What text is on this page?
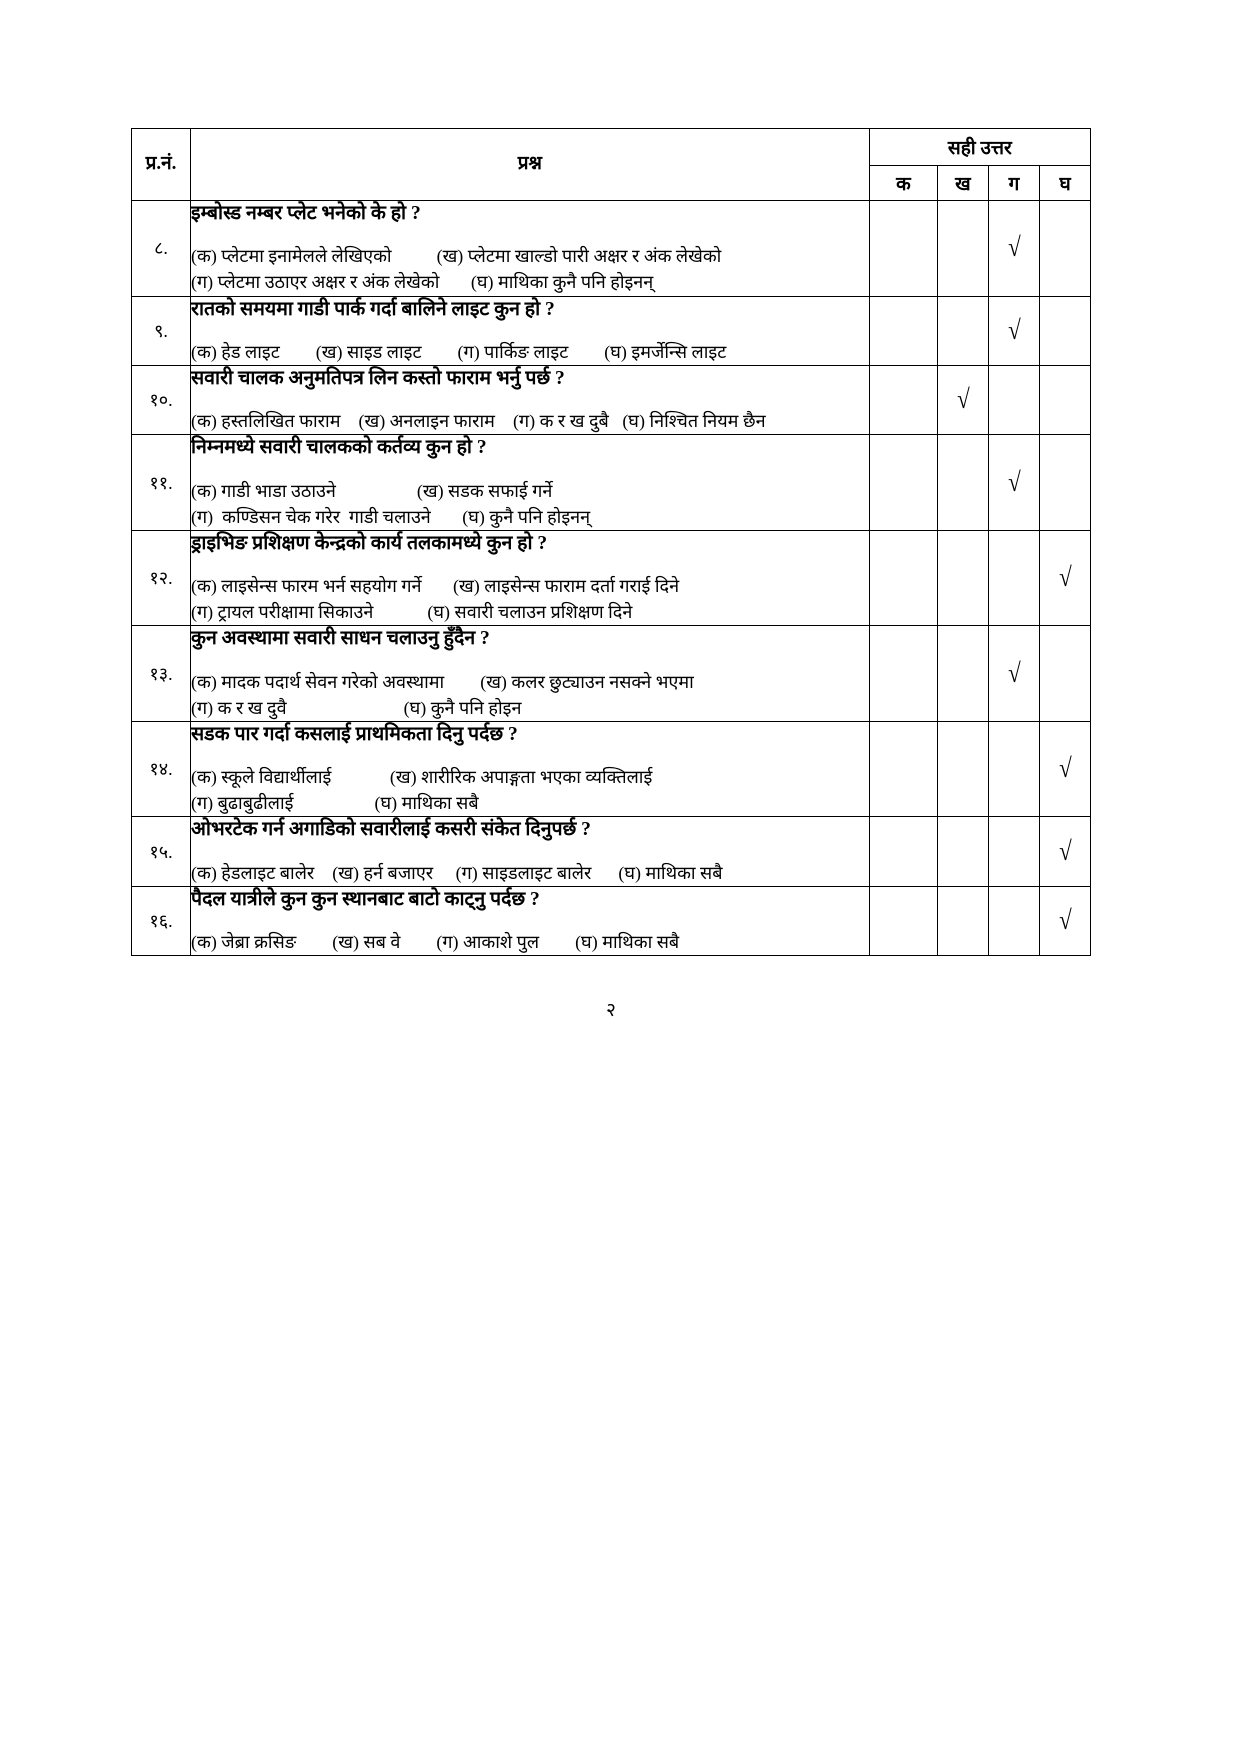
प्र.नं.	प्रश्न	सही उत्तर			
		क	ख	ग	घ
८.	इम्बोस्ड नम्बर प्लेट भनेको के हो ?
(क) प्लेटमा इनामेलले लेखिएको          (ख) प्लेटमा खाल्डो पारी अक्षर र अंक लेखेको
(ग) प्लेटमा उठाएर अक्षर र अंक लेखेको       (घ) माथिका कुनै पनि होइनन्			√	
९.	रातको समयमा गाडी पार्क गर्दा बालिने लाइट कुन हो ?
(क) हेड लाइट        (ख) साइड लाइट        (ग) पार्किङ लाइट        (घ) इमर्जेन्सि लाइट			√	
१०.	सवारी चालक अनुमतिपत्र लिन कस्तो फाराम भर्नु पर्छ ?
(क) हस्तलिखित फाराम    (ख) अनलाइन फाराम    (ग) क र ख दुबै   (घ) निश्चित नियम छैन		√		
११.	निम्नमध्ये सवारी चालकको कर्तव्य कुन हो ?
(क) गाडी भाडा उठाउने                  (ख) सडक सफाई गर्ने
(ग)  कण्डिसन चेक गरेर  गाडी चलाउने       (घ) कुनै पनि होइनन्			√	
१२.	ड्राइभिङ प्रशिक्षण केन्द्रको कार्य तलकामध्ये कुन हो ?
(क) लाइसेन्स फारम भर्न सहयोग गर्ने       (ख) लाइसेन्स फाराम दर्ता गराई दिने
(ग) ट्रायल परीक्षामा सिकाउने            (घ) सवारी चलाउन प्रशिक्षण दिने				√
१३.	कुन अवस्थामा सवारी साधन चलाउनु हुँदैन ?
(क) मादक पदार्थ सेवन गरेको अवस्थामा        (ख) कलर छुट्याउन नसक्ने भएमा
(ग) क र ख दुवै                          (घ) कुनै पनि होइन			√	
१४.	सडक पार गर्दा कसलाई प्राथमिकता दिनु पर्दछ ?
(क) स्कूले विद्यार्थीलाई             (ख) शारीरिक अपाङ्गता भएका व्यक्तिलाई
(ग) बुढाबुढीलाई                  (घ) माथिका सबै				√
१५.	ओभरटेक गर्न अगाडिको सवारीलाई कसरी संकेत दिनुपर्छ ?
(क) हेडलाइट बालेर    (ख) हर्न बजाएर     (ग) साइडलाइट बालेर      (घ) माथिका सबै				√
१६.	पैदल यात्रीले कुन कुन स्थानबाट बाटो काट्नु पर्दछ ?
(क) जेब्रा क्रसिङ        (ख) सब वे        (ग) आकाशे पुल        (घ) माथिका सबै				√
२
